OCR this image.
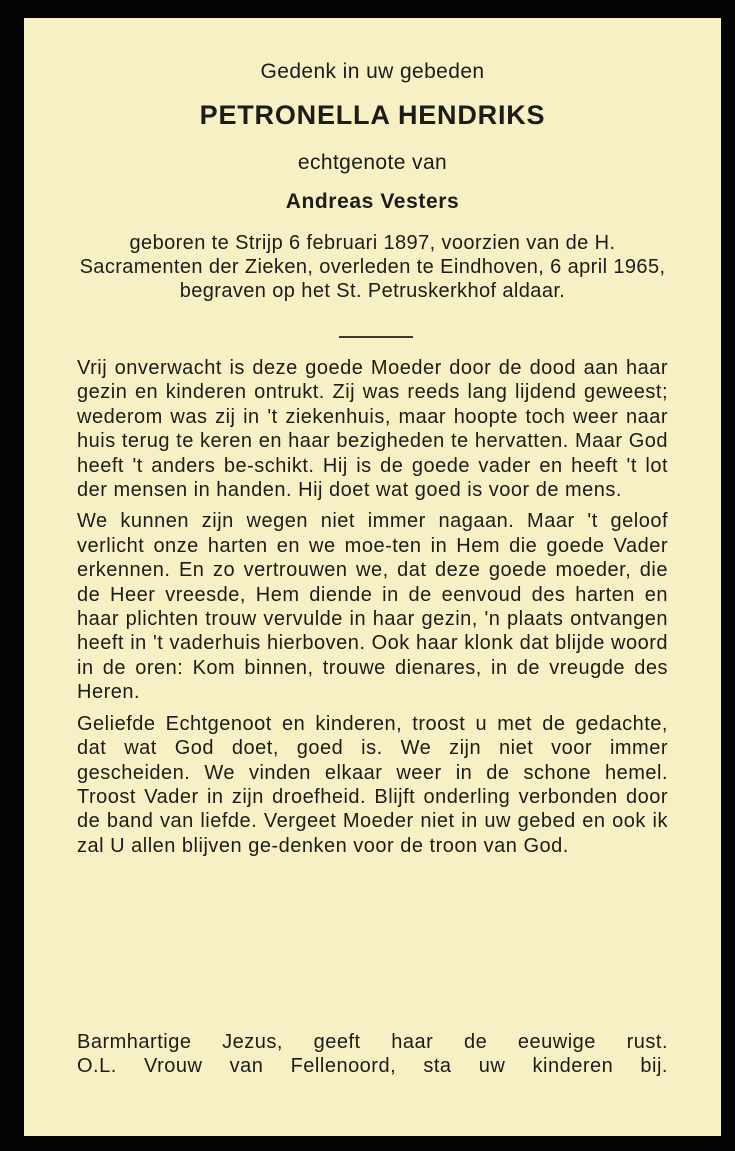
Gedenk in uw gebeden
PETRONELLA HENDRIKS
echtgenote van
Andreas Vesters
geboren te Strijp 6 februari 1897, voorzien van de H. Sacramenten der Zieken, overleden te Eindhoven, 6 april 1965, begraven op het St. Petruskerkhof aldaar.

Vrij onverwacht is deze goede Moeder door de dood aan haar gezin en kinderen ontrukt. Zij was reeds lang lijdend geweest; wederom was zij in 't ziekenhuis, maar hoopte toch weer naar huis terug te keren en haar bezigheden te hervatten. Maar God heeft 't anders be-schikt. Hij is de goede vader en heeft 't lot der mensen in handen. Hij doet wat goed is voor de mens.

We kunnen zijn wegen niet immer nagaan. Maar 't geloof verlicht onze harten en we moe-ten in Hem die goede Vader erkennen. En zo vertrouwen we, dat deze goede moeder, die de Heer vreesde, Hem diende in de eenvoud des harten en haar plichten trouw vervulde in haar gezin, 'n plaats ontvangen heeft in 't vaderhuis hierboven. Ook haar klonk dat blijde woord in de oren: Kom binnen, trouwe dienares, in de vreugde des Heren.

Geliefde Echtgenoot en kinderen, troost u met de gedachte, dat wat God doet, goed is. We zijn niet voor immer gescheiden. We vinden elkaar weer in de schone hemel. Troost Vader in zijn droefheid. Blijft onderling verbonden door de band van liefde. Vergeet Moeder niet in uw gebed en ook ik zal U allen blijven ge-denken voor de troon van God.

Barmhartige Jezus, geeft haar de eeuwige rust.
O.L. Vrouw van Fellenoord, sta uw kinderen bij.
